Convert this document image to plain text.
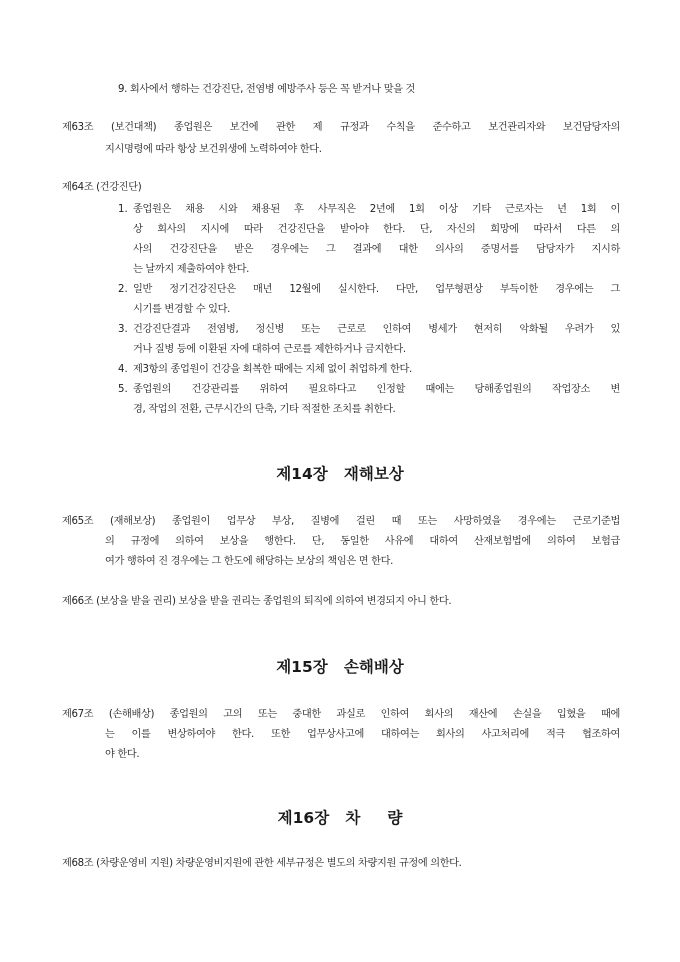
9. 회사에서 행하는 건강진단, 전염병 예방주사 등은 꼭 받거나 맞을 것
제63조 (보건대책) 종업원은 보건에 관한 제 규정과 수칙을 준수하고 보건관리자와 보건담당자의
지시명령에 따라 항상 보건위생에 노력하여야 한다.
제64조 (건강진단)
1. 종업원은 채용 시와 채용된 후 사무직은 2년에 1회 이상 기타 근로자는 년 1회 이
상 회사의 지시에 따라 건강진단을 받아야 한다. 단, 자신의 희망에 따라서 다른 의
사의 건강진단을 받은 경우에는 그 결과에 대한 의사의 증명서를 담당자가 지시하
는 날까지 제출하여야 한다.
2. 일반 정기건강진단은 매년 12월에 실시한다. 다만, 업무형편상 부득이한 경우에는 그
시기를 변경할 수 있다.
3. 건강진단결과 전염병, 정신병 또는 근로로 인하여 병세가 현저히 악화될 우려가 있
거나 질병 등에 이환된 자에 대하여 근로를 제한하거나 금지한다.
4. 제3항의 종업원이 건강을 회복한 때에는 지체 없이 취업하게 한다.
5. 종업원의 건강관리를 위하여 필요하다고 인정할 때에는 당해종업원의 작업장소 변
경, 작업의 전환, 근무시간의 단축, 기타 적절한 조치를 취한다.
제14장   재해보상
제65조 (재해보상) 종업원이 업무상 부상, 질병에 걸린 때 또는 사망하였을 경우에는 근로기준법
의 규정에 의하여 보상을 행한다. 단, 동일한 사유에 대하여 산재보험법에 의하여 보험급
여가 행하여 진 경우에는 그 한도에 해당하는 보상의 책임은 면 한다.
제66조 (보상을 받을 권리) 보상을 받을 권리는 종업원의 퇴직에 의하여 변경되지 아니 한다.
제15장   손해배상
제67조 (손해배상) 종업원의 고의 또는 중대한 과실로 인하여 회사의 재산에 손실을 입혔을 때에
는 이를 변상하여야 한다. 또한 업무상사고에 대하여는 회사의 사고처리에 적극 협조하여
야 한다.
제16장   차     량
제68조 (차량운영비 지원) 차량운영비지원에 관한 세부규정은 별도의 차량지원 규정에 의한다.
